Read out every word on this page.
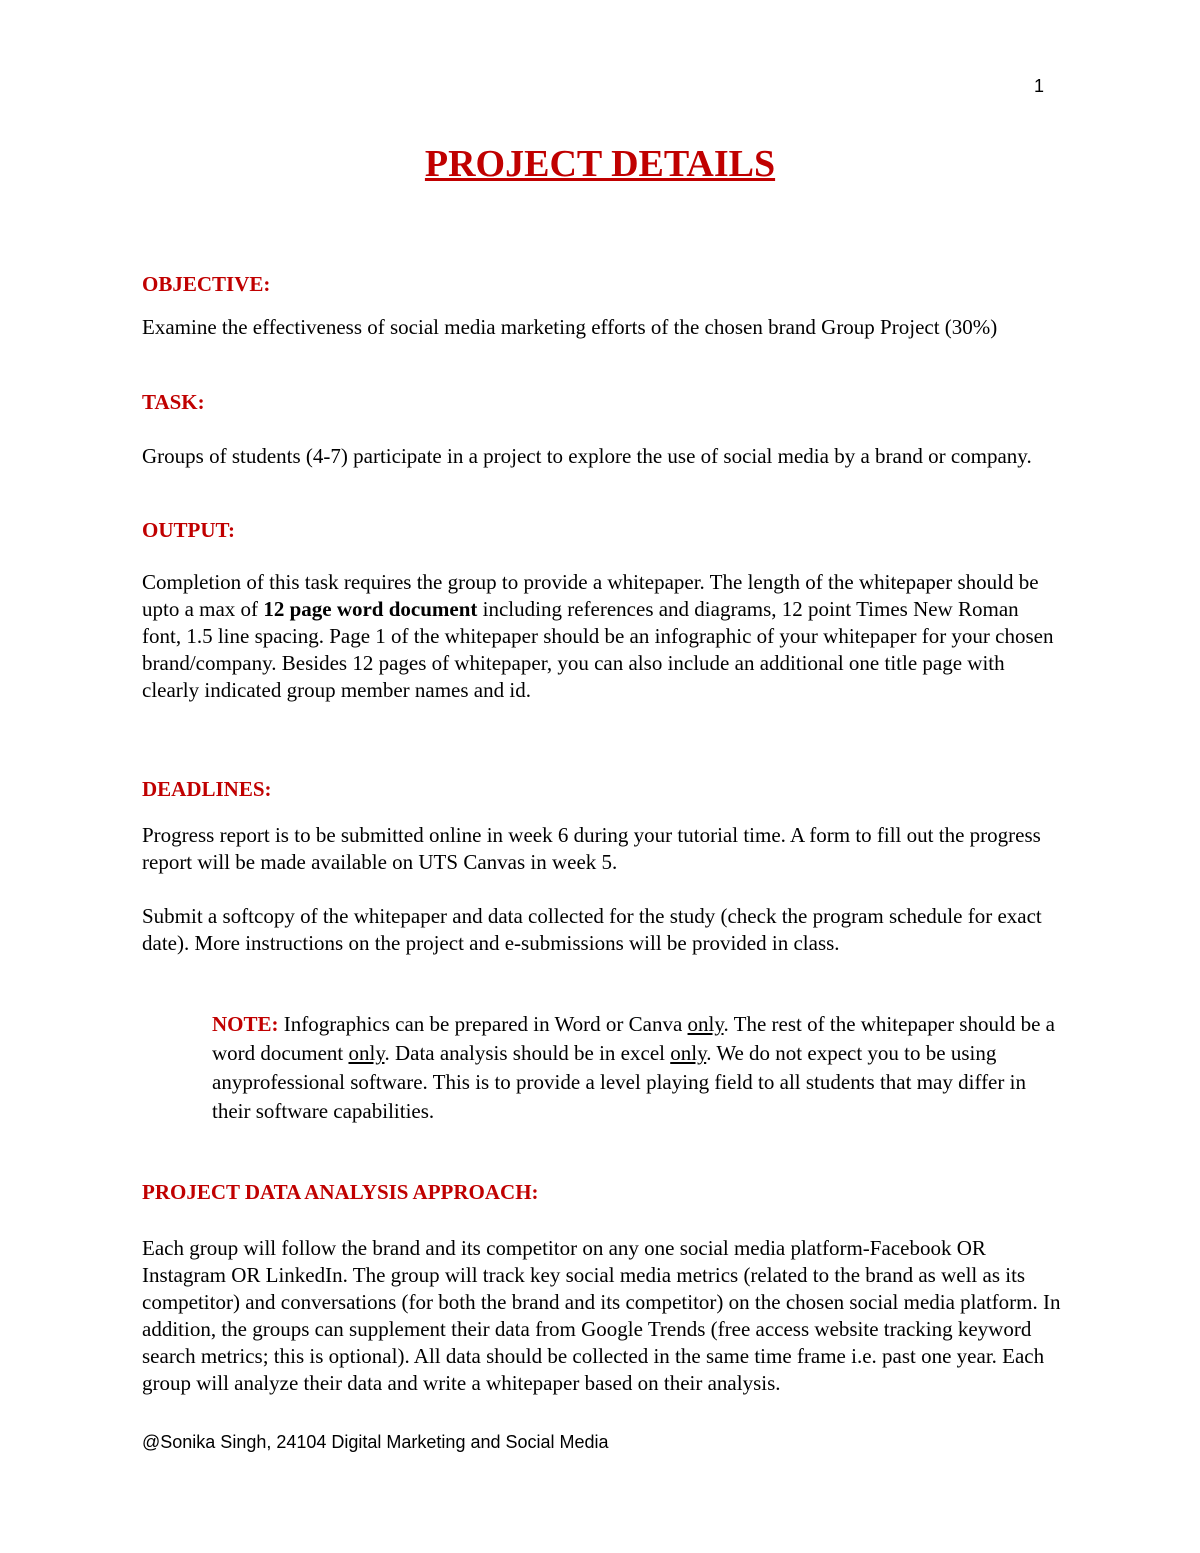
1
PROJECT DETAILS
OBJECTIVE:

Examine the effectiveness of social media marketing efforts of the chosen brand Group Project (30%)

TASK:

Groups of students (4-7) participate in a project to explore the use of social media by a brand or company.

OUTPUT:

Completion of this task requires the group to provide a whitepaper. The length of the whitepaper should be upto a max of 12 page word document including references and diagrams, 12 point Times New Roman font, 1.5 line spacing. Page 1 of the whitepaper should be an infographic of your whitepaper for your chosen brand/company. Besides 12 pages of whitepaper, you can also include an additional one title page with clearly indicated group member names and id.

DEADLINES:

Progress report is to be submitted online in week 6 during your tutorial time. A form to fill out the progress report will be made available on UTS Canvas in week 5.

Submit a softcopy of the whitepaper and data collected for the study (check the program schedule for exact date). More instructions on the project and e-submissions will be provided in class.

NOTE: Infographics can be prepared in Word or Canva only. The rest of the whitepaper should be a word document only. Data analysis should be in excel only. We do not expect you to be using anyprofessional software. This is to provide a level playing field to all students that may differ in their software capabilities.

PROJECT DATA ANALYSIS APPROACH:

Each group will follow the brand and its competitor on any one social media platform-Facebook OR Instagram OR LinkedIn. The group will track key social media metrics (related to the brand as well as its competitor) and conversations (for both the brand and its competitor) on the chosen social media platform. In addition, the groups can supplement their data from Google Trends (free access website tracking keyword search metrics; this is optional). All data should be collected in the same time frame i.e. past one year. Each group will analyze their data and write a whitepaper based on their analysis.

@Sonika Singh, 24104 Digital Marketing and Social Media
